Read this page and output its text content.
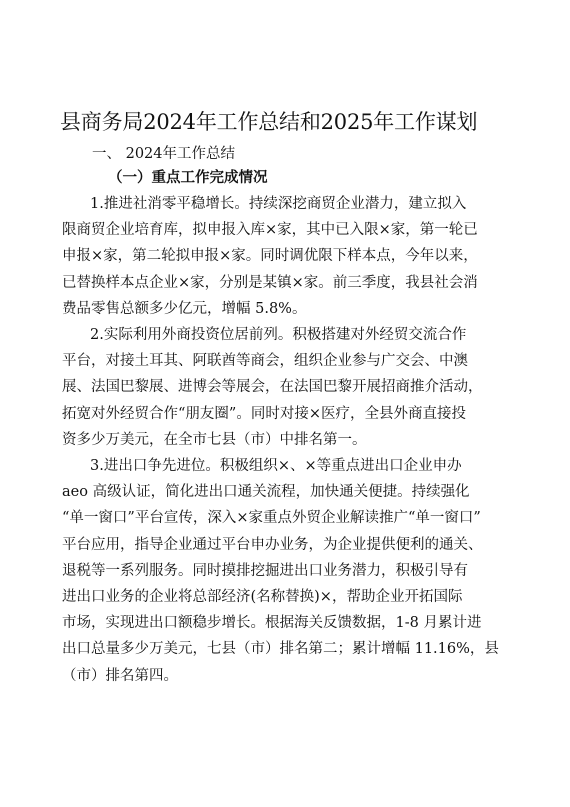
县商务局2024年工作总结和2025年工作谋划
一、 2024年工作总结
（一）重点工作完成情况
1.推进社消零平稳增长。持续深挖商贸企业潜力，建立拟入
限商贸企业培育库，拟申报入库×家，其中已入限×家，第一轮已
申报×家，第二轮拟申报×家。同时调优限下样本点，今年以来，
已替换样本点企业×家，分别是某镇×家。前三季度，我县社会消
费品零售总额多少亿元，增幅 5.8%。
2.实际利用外商投资位居前列。积极搭建对外经贸交流合作
平台，对接土耳其、阿联酋等商会，组织企业参与广交会、中澳
展、法国巴黎展、进博会等展会，在法国巴黎开展招商推介活动，
拓宽对外经贸合作“朋友圈”。同时对接×医疗，全县外商直接投
资多少万美元，在全市七县（市）中排名第一。
3.进出口争先进位。积极组织×、×等重点进出口企业申办
aeo 高级认证，简化进出口通关流程，加快通关便捷。持续强化
“单一窗口”平台宣传，深入×家重点外贸企业解读推广“单一窗口”
平台应用，指导企业通过平台申办业务，为企业提供便利的通关、
退税等一系列服务。同时摸排挖掘进出口业务潜力，积极引导有
进出口业务的企业将总部经济(名称替换)×，帮助企业开拓国际
市场，实现进出口额稳步增长。根据海关反馈数据，1-8 月累计进
出口总量多少万美元，七县（市）排名第二；累计增幅 11.16%，县
（市）排名第四。
